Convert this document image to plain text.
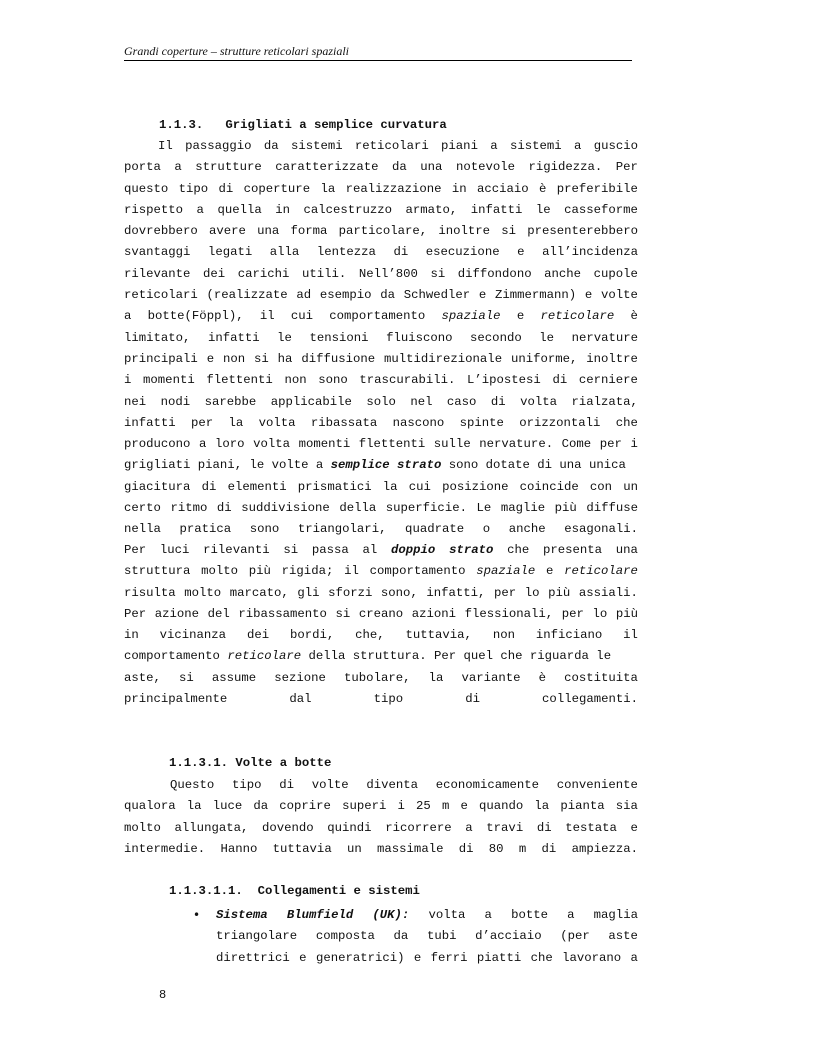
Grandi coperture – strutture reticolari spaziali
1.1.3. Grigliati a semplice curvatura
Il passaggio da sistemi reticolari piani a sistemi a guscio
porta a strutture caratterizzate da una notevole rigidezza. Per
questo tipo di coperture la realizzazione in acciaio è preferibile
rispetto a quella in calcestruzzo armato, infatti le casseforme
dovrebbero avere una forma particolare, inoltre si presenterebbero
svantaggi legati alla lentezza di esecuzione e all’incidenza
rilevante dei carichi utili. Nell’800 si diffondono anche cupole
reticolari (realizzate ad esempio da Schwedler e Zimmermann) e volte
a botte(Föppl), il cui comportamento spaziale e reticolare è
limitato, infatti le tensioni fluiscono secondo le nervature
principali e non si ha diffusione multidirezionale uniforme, inoltre
i momenti flettenti non sono trascurabili. L’ipostesi di cerniere
nei nodi sarebbe applicabile solo nel caso di volta rialzata,
infatti per la volta ribassata nascono spinte orizzontali che
producono a loro volta momenti flettenti sulle nervature. Come per i
grigliati piani, le volte a semplice strato sono dotate di una unica
giacitura di elementi prismatici la cui posizione coincide con un
certo ritmo di suddivisione della superficie. Le maglie più diffuse
nella pratica sono triangolari, quadrate o anche esagonali.
Per luci rilevanti si passa al doppio strato che presenta una
struttura molto più rigida; il comportamento spaziale e reticolare
risulta molto marcato, gli sforzi sono, infatti, per lo più assiali.
Per azione del ribassamento si creano azioni flessionali, per lo più
in vicinanza dei bordi, che, tuttavia, non inficiano il
comportamento reticolare della struttura. Per quel che riguarda le
aste, si assume sezione tubolare, la variante è costituita
principalmente dal tipo di collegamenti.
1.1.3.1. Volte a botte
Questo tipo di volte diventa economicamente conveniente
qualora la luce da coprire superi i 25 m e quando la pianta sia
molto allungata, dovendo quindi ricorrere a travi di testata e
intermedie. Hanno tuttavia un massimale di 80 m di ampiezza.
1.1.3.1.1. Collegamenti e sistemi
• Sistema Blumfield (UK): volta a botte a maglia
triangolare composta da tubi d’acciaio (per aste
direttrici e generatrici) e ferri piatti che lavorano a
8
